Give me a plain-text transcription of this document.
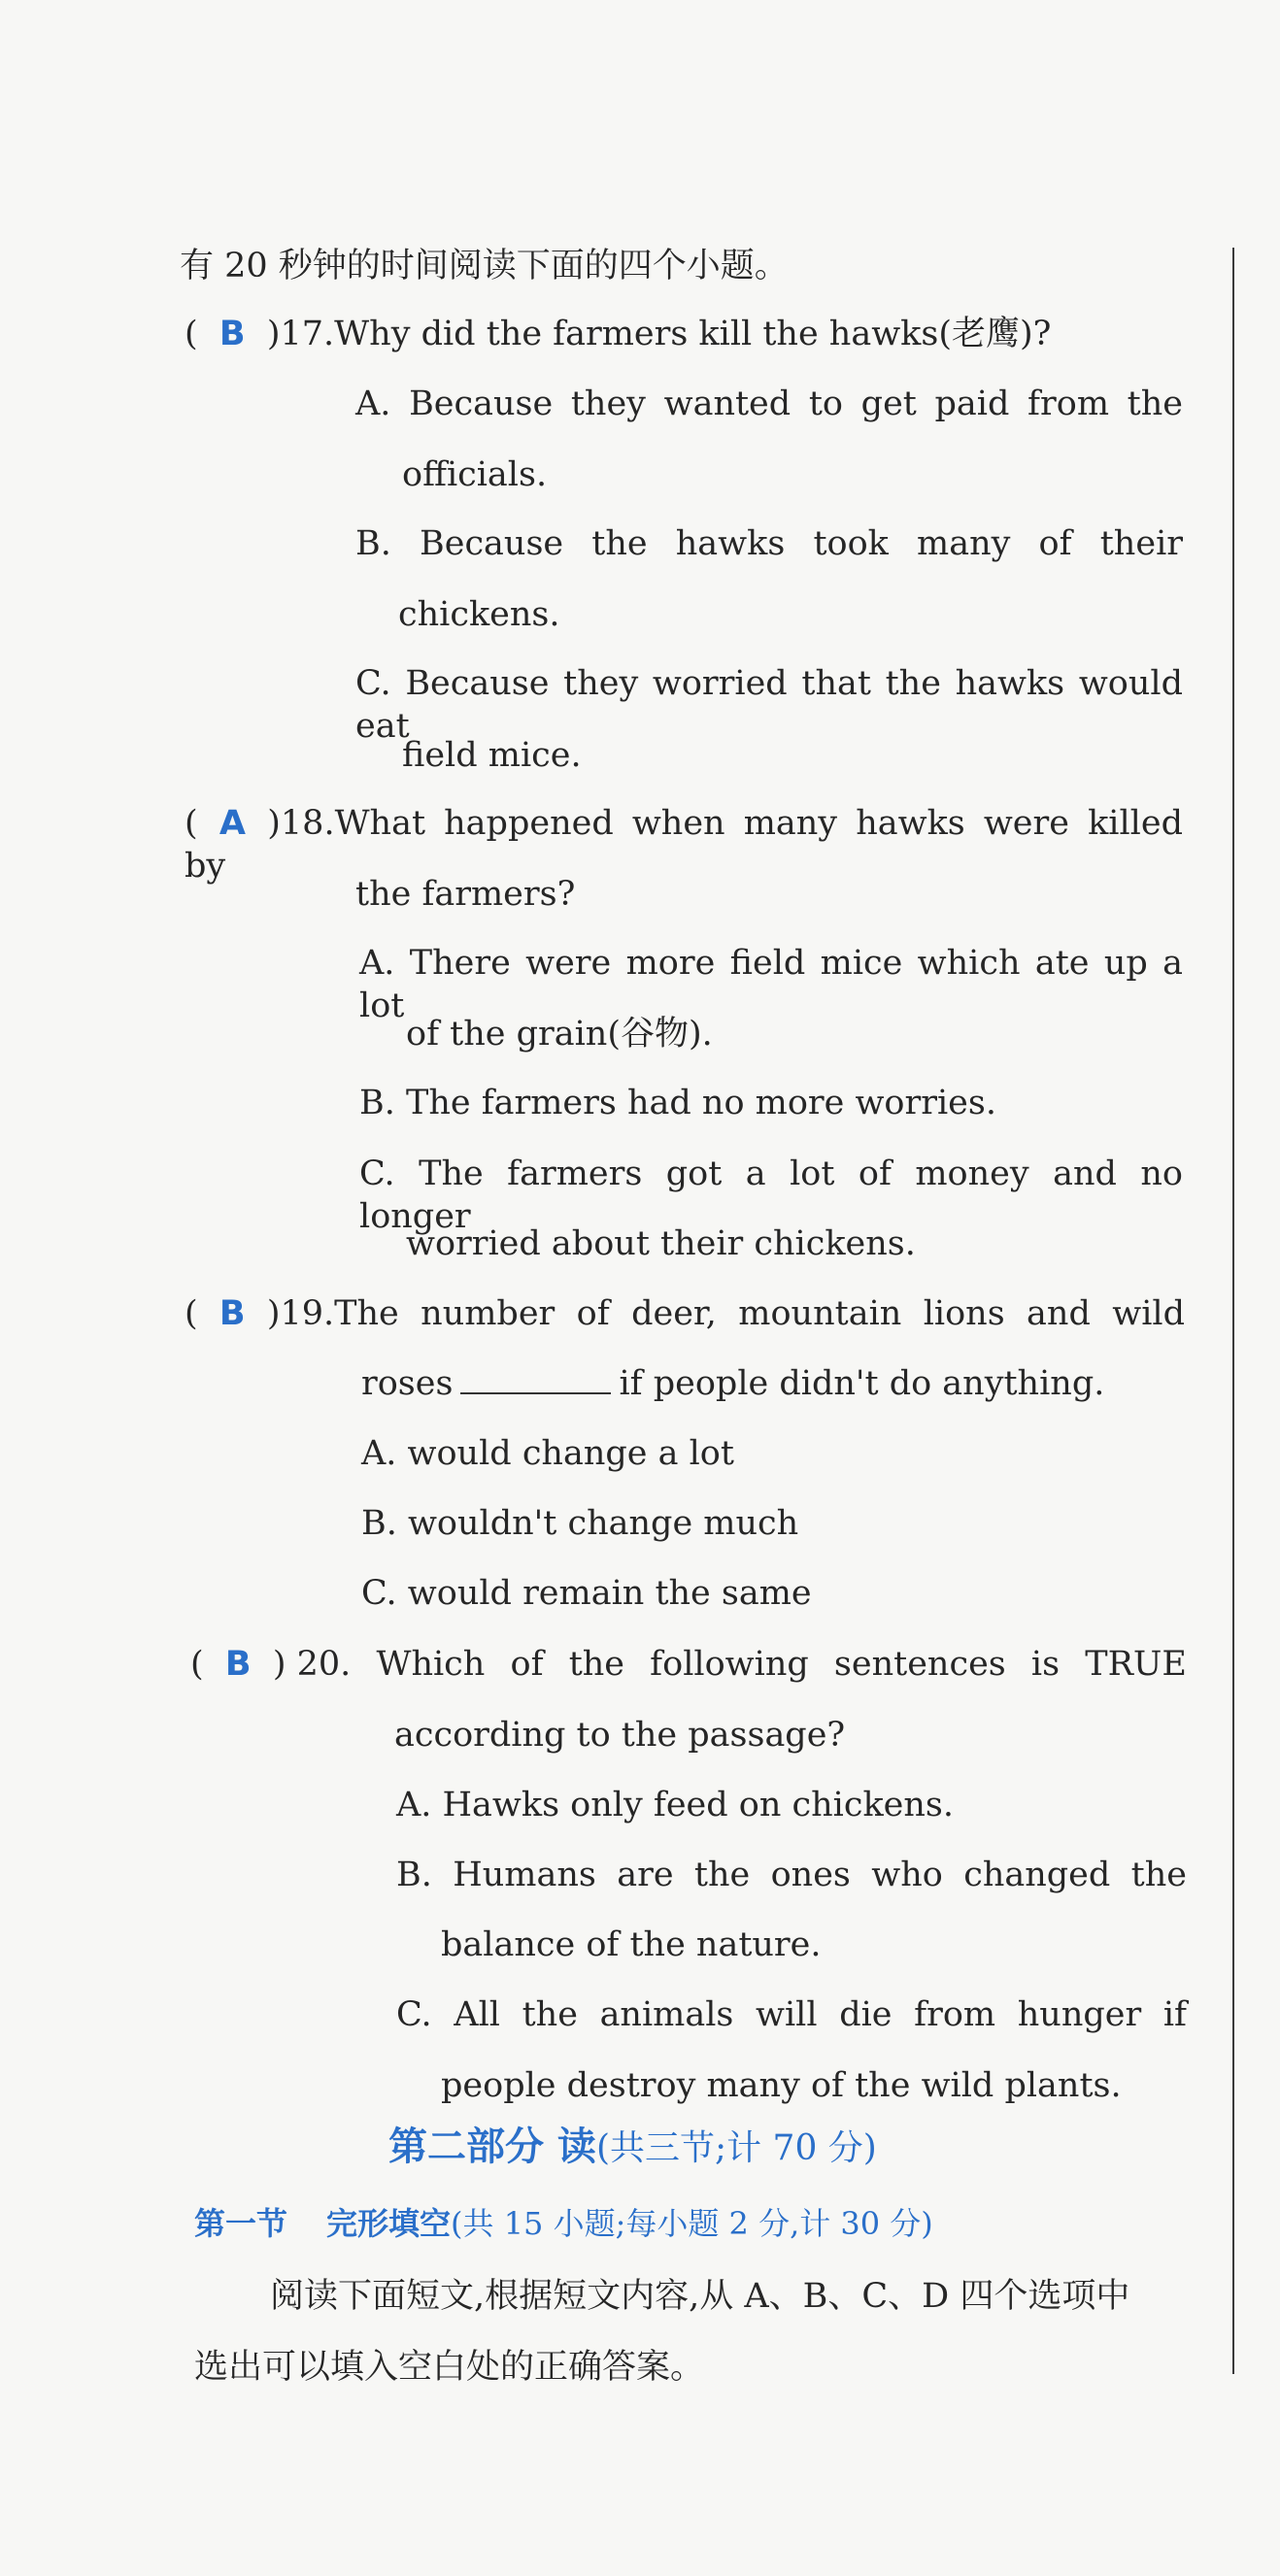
有 20 秒钟的时间阅读下面的四个小题。
(  B  )17.Why did the farmers kill the hawks(老鹰)?
A. Because they wanted to get paid from the
officials.
B. Because the hawks took many of their
chickens.
C. Because they worried that the hawks would eat
field mice.
(  A  )18.What happened when many hawks were killed by
the farmers?
A. There were more field mice which ate up a lot
of the grain(谷物).
B. The farmers had no more worries.
C. The farmers got a lot of money and no longer
worried about their chickens.
(  B  )19.The number of deer, mountain lions and wild
roses	if people didn't do anything.
A. would change a lot
B. wouldn't change much
C. would remain the same
(  B  ) 20. Which of the following sentences is TRUE
according to the passage?
A. Hawks only feed on chickens.
B. Humans are the ones who changed the
balance of the nature.
C. All the animals will die from hunger if
people destroy many of the wild plants.
第二部分 读(共三节;计 70 分)
第一节 完形填空(共 15 小题;每小题 2 分,计 30 分)
阅读下面短文,根据短文内容,从 A、B、C、D 四个选项中
选出可以填入空白处的正确答案。
